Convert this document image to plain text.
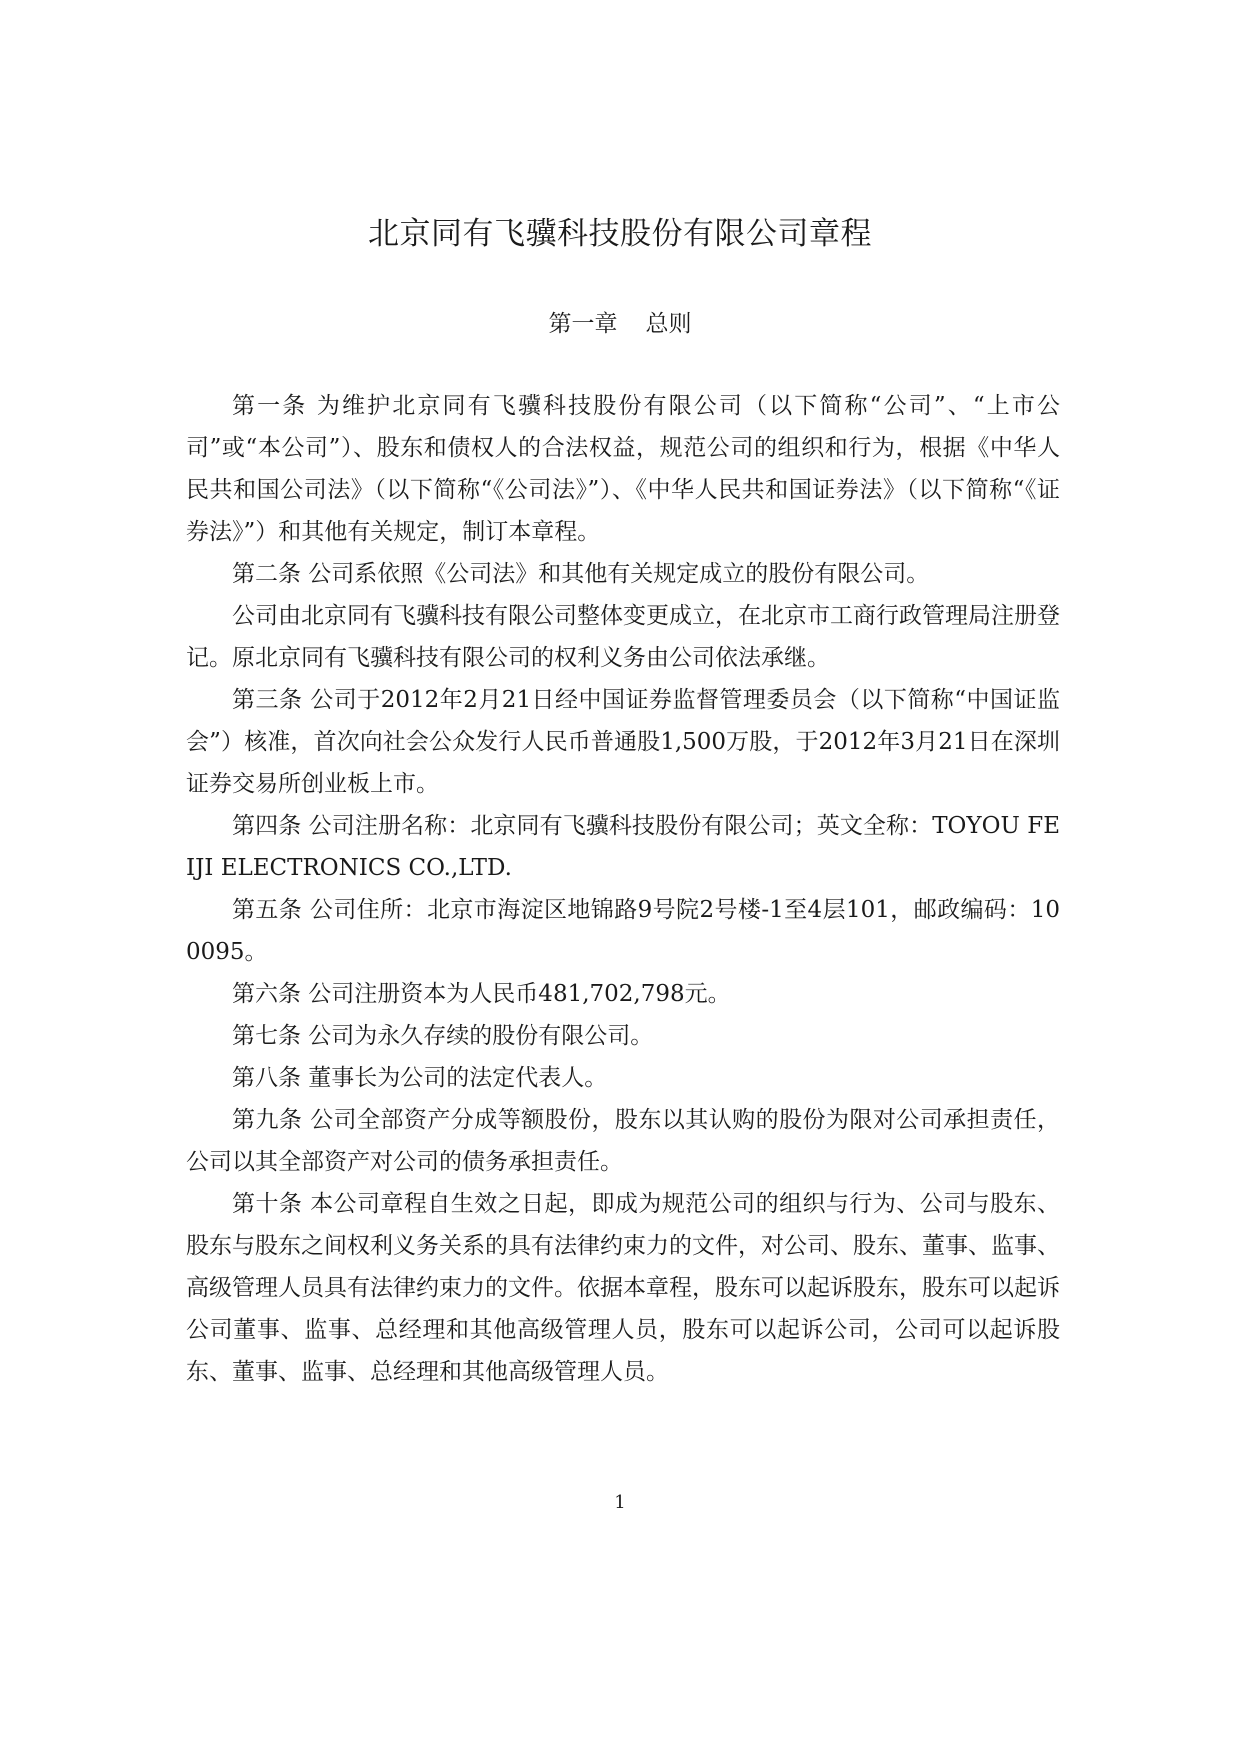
北京同有飞骥科技股份有限公司章程
第一章 总则

第一条 为维护北京同有飞骥科技股份有限公司（以下简称“公司”、“上市公司”或“本公司”）、股东和债权人的合法权益，规范公司的组织和行为，根据《中华人民共和国公司法》（以下简称“《公司法》”）、《中华人民共和国证券法》（以下简称“《证券法》”）和其他有关规定，制订本章程。

第二条 公司系依照《公司法》和其他有关规定成立的股份有限公司。

公司由北京同有飞骥科技有限公司整体变更成立，在北京市工商行政管理局注册登记。原北京同有飞骥科技有限公司的权利义务由公司依法承继。

第三条 公司于2012年2月21日经中国证券监督管理委员会（以下简称“中国证监会”）核准，首次向社会公众发行人民币普通股1,500万股，于2012年3月21日在深圳证券交易所创业板上市。

第四条 公司注册名称：北京同有飞骥科技股份有限公司；英文全称：TOYOU FEIJI ELECTRONICS CO.,LTD.

第五条 公司住所：北京市海淀区地锦路9号院2号楼-1至4层101，邮政编码：100095。

第六条 公司注册资本为人民币481,702,798元。

第七条 公司为永久存续的股份有限公司。

第八条 董事长为公司的法定代表人。

第九条 公司全部资产分成等额股份，股东以其认购的股份为限对公司承担责任，公司以其全部资产对公司的债务承担责任。

第十条 本公司章程自生效之日起，即成为规范公司的组织与行为、公司与股东、股东与股东之间权利义务关系的具有法律约束力的文件，对公司、股东、董事、监事、高级管理人员具有法律约束力的文件。依据本章程，股东可以起诉股东，股东可以起诉公司董事、监事、总经理和其他高级管理人员，股东可以起诉公司，公司可以起诉股东、董事、监事、总经理和其他高级管理人员。

1
